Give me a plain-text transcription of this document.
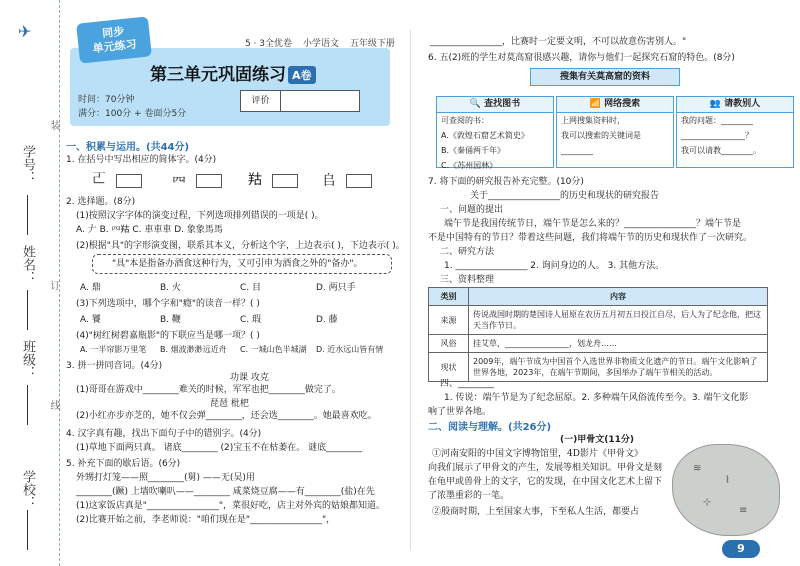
✈
学号：
姓名：
班级：
学校：
装
订
线
同步
单元练习	5 · 3全优卷 小学语文 五年级下册
第三单元巩固练习 A卷
时间：70分钟
满分：100分 + 卷面分5分
评价
一、积累与运用。(共44分)
1. 在括号中写出相应的简体字。(4分)
𠀀	𦉪	𦍩	𠂤
2. 选择题。(8分)
(1)按照汉字字体的演变过程，下列选项排列错误的一项是( )。
A. 𠂇 B. 𦉪𦍩 C. 車車車 D. 象象馬馬
(2)根据"具"的字形演变图，联系其本义，分析这个字，上边表示( )，下边表示( )。
"具"本是指备办酒食这种行为，又可引申为酒食之外的"备办"。
A. 鼎	B. 火	C. 目	D. 两只手
(3)下列选项中，哪个字和"瘾"的读音一样？( )
A. 饕	B. 鞭	C. 瑕	D. 藤
(4)"树红树碧嘉瓶影"的下联应当是哪一项？( )
A. 一半帘影万里笔 B. 烟波渺渺远近舟 C. 一城山色半城湖 D. 近水远山皆有情
3. 拼一拼同音词。(4分)
功课 攻克
(1)哥哥在游戏中________难关的时候，军军也把________做完了。
琵琶 枇杷
(2)小红亦步亦芝的，她不仅会弹________，还会选________。她最喜欢吃。
4. 汉字真有趣，找出下面句子中的错别字。(4分)
(1)草地下面两只真。 诸底________ (2)宝玉不在枯萎在。 谜底________
5. 补充下面的歇后语。(6分)
外甥打灯笼——照________(舅) ——无(吴)用
________(蹶) 上墙吹喇叭——________ 咸菜烧豆腐——有________(盐)在先
(1)这家饭店真是"________________"，菜很好吃，店主对外宾的姑娘都知道。
(2)比赛开始之前，李老师说："咱们现在是"________________"，
________________，比赛时一定要文明，不可以故意伤害别人。"
6. 五(2)班的学生对莫高窟很感兴趣，请你与他们一起探究石窟的特色。(8分)
搜集有关莫高窟的资料
🔍 查找图书

可查阅的书：

A.《敦煌石窟艺术简史》

B.《秦俑两千年》

C.《苏州园林》

📶 网络搜索

上网搜集资料时，

我可以搜索的关键词是

________

👥 请教别人

我的问题：________

________________？

我可以请教________。

7. 将下面的研究报告补充完整。(10分)
关于________________的历史和现状的研究报告
一、问题的提出
端午节是我国传统节日，端午节是怎么来的？________________？端午节是
不是中国特有的节日？带着这些问题，我们将端午节的历史和现状作了一次研究。
二、研究方法
1. ________________ 2. 询问身边的人。 3. 其他方法。
三、资料整理
类别	内容
来源	传说战国时期的楚国诗人屈原在农历五月初五日投江自尽，后人为了纪念他，把这天当作节日。
风俗	挂艾草，________________，划龙舟……
现状	2009年，端午节成为中国首个入选世界非物质文化遗产的节日。端午文化影响了世界各地，2023年，在端午节期间，多国举办了端午节相关的活动。
四、________
1. 传说：端午节是为了纪念屈原。2. 多种端午风俗流传至今。3. 端午文化影
响了世界各地。
二、阅读与理解。(共26分)
(一)甲骨文(11分)
①河南安阳的中国文字博物馆里，4D影片《甲骨文》
向我们展示了甲骨文的产生，发展等相关知识。甲骨文是刻
在龟甲或兽骨上的文字，它的发现，在中国文化艺术上留下
了浓墨重彩的一笔。
②殷商时期，上至国家大事，下至私人生活，都要占
≋
⌇
⊹
≡
9
